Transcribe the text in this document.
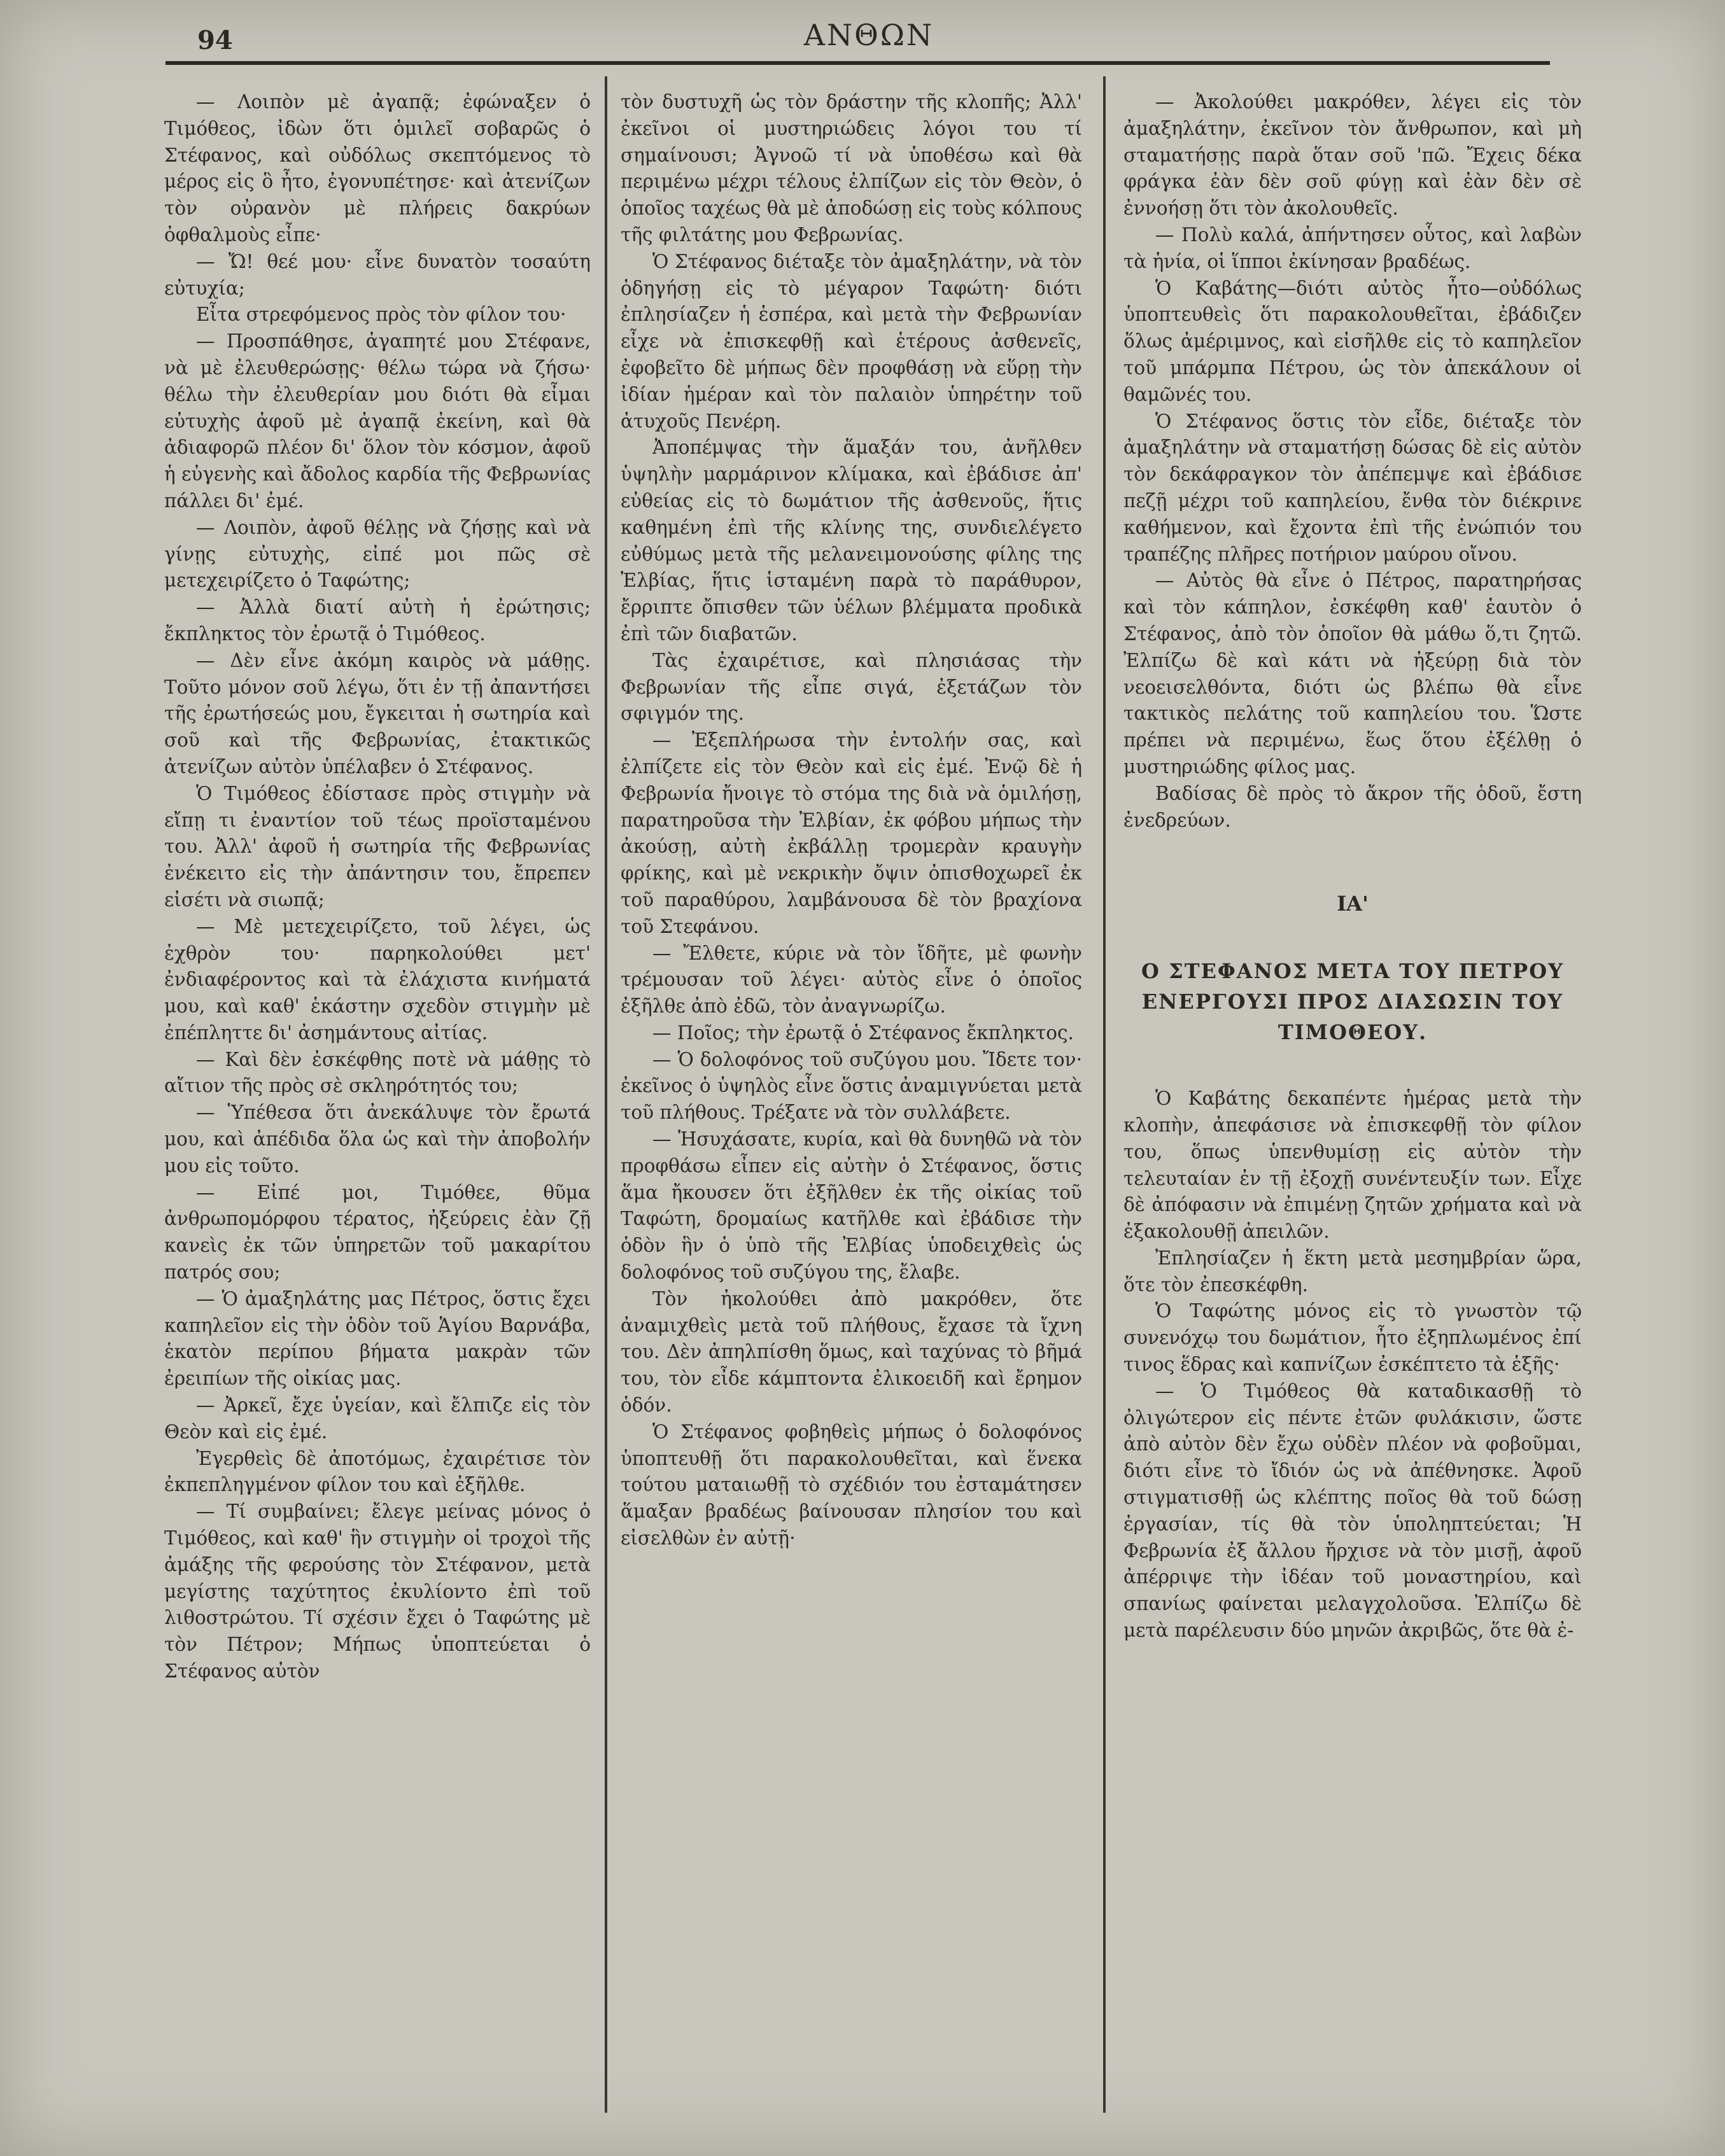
94	ΑΝΘΩΝ

— Λοιπὸν μὲ ἀγαπᾷ; ἐφώναξεν ὁ Τιμόθεος, ἰδὼν ὅτι ὁμιλεῖ σοβαρῶς ὁ Στέφανος, καὶ οὐδόλως σκεπτόμενος τὸ μέρος εἰς ὃ ἦτο, ἐγονυπέτησε· καὶ ἀτενίζων τὸν οὐρανὸν μὲ πλήρεις δακρύων ὀφθαλμοὺς εἶπε·

— Ὤ! θεέ μου· εἶνε δυνατὸν τοσαύτη εὐτυχία;

Εἶτα στρεφόμενος πρὸς τὸν φίλον του·

— Προσπάθησε, ἀγαπητέ μου Στέφανε, νὰ μὲ ἐλευθερώσῃς· θέλω τώρα νὰ ζήσω· θέλω τὴν ἐλευθερίαν μου διότι θὰ εἶμαι εὐτυχὴς ἀφοῦ μὲ ἀγαπᾷ ἐκείνη, καὶ θὰ ἀδιαφορῶ πλέον δι' ὅλον τὸν κόσμον, ἀφοῦ ἡ εὐγενὴς καὶ ἄδολος καρδία τῆς Φεβρωνίας πάλλει δι' ἐμέ.

— Λοιπὸν, ἀφοῦ θέλῃς νὰ ζήσῃς καὶ νὰ γίνῃς εὐτυχὴς, εἰπέ μοι πῶς σὲ μετεχειρίζετο ὁ Ταφώτης;

— Ἀλλὰ διατί αὐτὴ ἡ ἐρώτησις; ἔκπληκτος τὸν ἐρωτᾷ ὁ Τιμόθεος.

— Δὲν εἶνε ἀκόμη καιρὸς νὰ μάθῃς. Τοῦτο μόνον σοῦ λέγω, ὅτι ἐν τῇ ἀπαντήσει τῆς ἐρωτήσεώς μου, ἔγκειται ἡ σωτηρία καὶ σοῦ καὶ τῆς Φεβρωνίας, ἐτακτικῶς ἀτενίζων αὐτὸν ὑπέλαβεν ὁ Στέφανος.

Ὁ Τιμόθεος ἐδίστασε πρὸς στιγμὴν νὰ εἴπῃ τι ἐναντίον τοῦ τέως προϊσταμένου του. Ἀλλ' ἀφοῦ ἡ σωτηρία τῆς Φεβρωνίας ἐνέκειτο εἰς τὴν ἀπάντησιν του, ἔπρεπεν εἰσέτι νὰ σιωπᾷ;

— Μὲ μετεχειρίζετο, τοῦ λέγει, ὡς ἐχθρὸν του· παρηκολούθει μετ' ἐνδιαφέροντος καὶ τὰ ἐλάχιστα κινήματά μου, καὶ καθ' ἑκάστην σχεδὸν στιγμὴν μὲ ἐπέπληττε δι' ἀσημάντους αἰτίας.

— Καὶ δὲν ἐσκέφθης ποτὲ νὰ μάθῃς τὸ αἴτιον τῆς πρὸς σὲ σκληρότητός του;

— Ὑπέθεσα ὅτι ἀνεκάλυψε τὸν ἔρωτά μου, καὶ ἀπέδιδα ὅλα ὡς καὶ τὴν ἀποβολήν μου εἰς τοῦτο.

— Εἰπέ μοι, Τιμόθεε, θῦμα ἀνθρωπομόρφου τέρατος, ἠξεύρεις ἐὰν ζῇ κανεὶς ἐκ τῶν ὑπηρετῶν τοῦ μακαρίτου πατρός σου;

— Ὁ ἀμαξηλάτης μας Πέτρος, ὅστις ἔχει καπηλεῖον εἰς τὴν ὁδὸν τοῦ Ἁγίου Βαρνάβα, ἑκατὸν περίπου βήματα μακρὰν τῶν ἐρειπίων τῆς οἰκίας μας.

— Ἀρκεῖ, ἔχε ὑγείαν, καὶ ἔλπιζε εἰς τὸν Θεὸν καὶ εἰς ἐμέ.

Ἐγερθεὶς δὲ ἀποτόμως, ἐχαιρέτισε τὸν ἐκπεπληγμένον φίλον του καὶ ἐξῆλθε.

— Τί συμβαίνει; ἔλεγε μείνας μόνος ὁ Τιμόθεος, καὶ καθ' ἣν στιγμὴν οἱ τροχοὶ τῆς ἀμάξης τῆς φερούσης τὸν Στέφανον, μετὰ μεγίστης ταχύτητος ἐκυλίοντο ἐπὶ τοῦ λιθοστρώτου. Τί σχέσιν ἔχει ὁ Ταφώτης μὲ τὸν Πέτρον; Μήπως ὑποπτεύεται ὁ Στέφανος αὐτὸν

τὸν δυστυχῆ ὡς τὸν δράστην τῆς κλοπῆς; Ἀλλ' ἐκεῖνοι οἱ μυστηριώδεις λόγοι του τί σημαίνουσι; Ἀγνοῶ τί νὰ ὑποθέσω καὶ θὰ περιμένω μέχρι τέλους ἐλπίζων εἰς τὸν Θεὸν, ὁ ὁποῖος ταχέως θὰ μὲ ἀποδώσῃ εἰς τοὺς κόλπους τῆς φιλτάτης μου Φεβρωνίας.

Ὁ Στέφανος διέταξε τὸν ἀμαξηλάτην, νὰ τὸν ὁδηγήσῃ εἰς τὸ μέγαρον Ταφώτη· διότι ἐπλησίαζεν ἡ ἑσπέρα, καὶ μετὰ τὴν Φεβρωνίαν εἶχε νὰ ἐπισκεφθῇ καὶ ἑτέρους ἀσθενεῖς, ἐφοβεῖτο δὲ μήπως δὲν προφθάσῃ νὰ εὕρῃ τὴν ἰδίαν ἡμέραν καὶ τὸν παλαιὸν ὑπηρέτην τοῦ ἀτυχοῦς Πενέρη.

Ἀποπέμψας τὴν ἅμαξάν του, ἀνῆλθεν ὑψηλὴν μαρμάρινον κλίμακα, καὶ ἐβάδισε ἀπ' εὐθείας εἰς τὸ δωμάτιον τῆς ἀσθενοῦς, ἥτις καθημένη ἐπὶ τῆς κλίνης της, συνδιελέγετο εὐθύμως μετὰ τῆς μελανειμονούσης φίλης της Ἐλβίας, ἥτις ἱσταμένη παρὰ τὸ παράθυρον, ἔρριπτε ὄπισθεν τῶν ὑέλων βλέμματα προδικὰ ἐπὶ τῶν διαβατῶν.

Τὰς ἐχαιρέτισε, καὶ πλησιάσας τὴν Φεβρωνίαν τῆς εἶπε σιγά, ἐξετάζων τὸν σφιγμόν της.

— Ἐξεπλήρωσα τὴν ἐντολήν σας, καὶ ἐλπίζετε εἰς τὸν Θεὸν καὶ εἰς ἐμέ. Ἐνῷ δὲ ἡ Φεβρωνία ἤνοιγε τὸ στόμα της διὰ νὰ ὁμιλήσῃ, παρατηροῦσα τὴν Ἐλβίαν, ἐκ φόβου μήπως τὴν ἀκούσῃ, αὐτὴ ἐκβάλλῃ τρομερὰν κραυγὴν φρίκης, καὶ μὲ νεκρικὴν ὄψιν ὀπισθοχωρεῖ ἐκ τοῦ παραθύρου, λαμβάνουσα δὲ τὸν βραχίονα τοῦ Στεφάνου.

— Ἔλθετε, κύριε νὰ τὸν ἴδῆτε, μὲ φωνὴν τρέμουσαν τοῦ λέγει· αὐτὸς εἶνε ὁ ὁποῖος ἐξῆλθε ἀπὸ ἐδῶ, τὸν ἀναγνωρίζω.

— Ποῖος; τὴν ἐρωτᾷ ὁ Στέφανος ἔκπληκτος.

— Ὁ δολοφόνος τοῦ συζύγου μου. Ἴδετε τον· ἐκεῖνος ὁ ὑψηλὸς εἶνε ὅστις ἀναμιγνύεται μετὰ τοῦ πλήθους. Τρέξατε νὰ τὸν συλλάβετε.

— Ἡσυχάσατε, κυρία, καὶ θὰ δυνηθῶ νὰ τὸν προφθάσω εἶπεν εἰς αὐτὴν ὁ Στέφανος, ὅστις ἅμα ἤκουσεν ὅτι ἐξῆλθεν ἐκ τῆς οἰκίας τοῦ Ταφώτη, δρομαίως κατῆλθε καὶ ἐβάδισε τὴν ὁδὸν ἣν ὁ ὑπὸ τῆς Ἐλβίας ὑποδειχθεὶς ὡς δολοφόνος τοῦ συζύγου της, ἔλαβε.

Τὸν ἠκολούθει ἀπὸ μακρόθεν, ὅτε ἀναμιχθεὶς μετὰ τοῦ πλήθους, ἔχασε τὰ ἴχνη του. Δὲν ἀπηλπίσθη ὅμως, καὶ ταχύνας τὸ βῆμά του, τὸν εἶδε κάμπτοντα ἐλικοειδῆ καὶ ἔρημον ὁδόν.

Ὁ Στέφανος φοβηθεὶς μήπως ὁ δολοφόνος ὑποπτευθῇ ὅτι παρακολουθεῖται, καὶ ἕνεκα τούτου ματαιωθῇ τὸ σχέδιόν του ἐσταμάτησεν ἅμαξαν βραδέως βαίνουσαν πλησίον του καὶ εἰσελθὼν ἐν αὐτῇ·

— Ἀκολούθει μακρόθεν, λέγει εἰς τὸν ἀμαξηλάτην, ἐκεῖνον τὸν ἄνθρωπον, καὶ μὴ σταματήσῃς παρὰ ὅταν σοῦ 'πῶ. Ἔχεις δέκα φράγκα ἐὰν δὲν σοῦ φύγῃ καὶ ἐὰν δὲν σὲ ἐννοήσῃ ὅτι τὸν ἀκολουθεῖς.

— Πολὺ καλά, ἀπήντησεν οὗτος, καὶ λαβὼν τὰ ἡνία, οἱ ἵπποι ἐκίνησαν βραδέως.

Ὁ Καβάτης—διότι αὐτὸς ἦτο—οὐδόλως ὑποπτευθεὶς ὅτι παρακολουθεῖται, ἐβάδιζεν ὅλως ἀμέριμνος, καὶ εἰσῆλθε εἰς τὸ καπηλεῖον τοῦ μπάρμπα Πέτρου, ὡς τὸν ἀπεκάλουν οἱ θαμῶνές του.

Ὁ Στέφανος ὅστις τὸν εἶδε, διέταξε τὸν ἀμαξηλάτην νὰ σταματήσῃ δώσας δὲ εἰς αὐτὸν τὸν δεκάφραγκον τὸν ἀπέπεμψε καὶ ἐβάδισε πεζῇ μέχρι τοῦ καπηλείου, ἔνθα τὸν διέκρινε καθήμενον, καὶ ἔχοντα ἐπὶ τῆς ἐνώπιόν του τραπέζης πλῆρες ποτήριον μαύρου οἴνου.

— Αὐτὸς θὰ εἶνε ὁ Πέτρος, παρατηρήσας καὶ τὸν κάπηλον, ἐσκέφθη καθ' ἑαυτὸν ὁ Στέφανος, ἀπὸ τὸν ὁποῖον θὰ μάθω ὅ,τι ζητῶ. Ἐλπίζω δὲ καὶ κάτι νὰ ἠξεύρῃ διὰ τὸν νεοεισελθόντα, διότι ὡς βλέπω θὰ εἶνε τακτικὸς πελάτης τοῦ καπηλείου του. Ὥστε πρέπει νὰ περιμένω, ἕως ὅτου ἐξέλθῃ ὁ μυστηριώδης φίλος μας.

Βαδίσας δὲ πρὸς τὸ ἄκρον τῆς ὁδοῦ, ἔστη ἐνεδρεύων.

ΙΑ'
Ο ΣΤΕΦΑΝΟΣ ΜΕΤΑ ΤΟΥ ΠΕΤΡΟΥ ΕΝΕΡΓΟΥΣΙ ΠΡΟΣ ΔΙΑΣΩΣΙΝ ΤΟΥ ΤΙΜΟΘΕΟΥ.

Ὁ Καβάτης δεκαπέντε ἡμέρας μετὰ τὴν κλοπὴν, ἀπεφάσισε νὰ ἐπισκεφθῇ τὸν φίλον του, ὅπως ὑπενθυμίσῃ εἰς αὐτὸν τὴν τελευταίαν ἐν τῇ ἐξοχῇ συνέντευξίν των. Εἶχε δὲ ἀπόφασιν νὰ ἐπιμένῃ ζητῶν χρήματα καὶ νὰ ἐξακολουθῇ ἀπειλῶν.

Ἐπλησίαζεν ἡ ἕκτη μετὰ μεσημβρίαν ὥρα, ὅτε τὸν ἐπεσκέφθη.

Ὁ Ταφώτης μόνος εἰς τὸ γνωστὸν τῷ συνενόχῳ του δωμάτιον, ἦτο ἐξηπλωμένος ἐπί τινος ἕδρας καὶ καπνίζων ἐσκέπτετο τὰ ἑξῆς·

— Ὁ Τιμόθεος θὰ καταδικασθῇ τὸ ὀλιγώτερον εἰς πέντε ἐτῶν φυλάκισιν, ὥστε ἀπὸ αὐτὸν δὲν ἔχω οὐδὲν πλέον νὰ φοβοῦμαι, διότι εἶνε τὸ ἴδιόν ὡς νὰ ἀπέθνησκε. Ἀφοῦ στιγματισθῇ ὡς κλέπτης ποῖος θὰ τοῦ δώσῃ ἐργασίαν, τίς θὰ τὸν ὑποληπτεύεται; Ἡ Φεβρωνία ἐξ ἄλλου ἤρχισε νὰ τὸν μισῇ, ἀφοῦ ἀπέρριψε τὴν ἰδέαν τοῦ μοναστηρίου, καὶ σπανίως φαίνεται μελαγχολοῦσα. Ἐλπίζω δὲ μετὰ παρέλευσιν δύο μηνῶν ἀκριβῶς, ὅτε θὰ ἐ-
